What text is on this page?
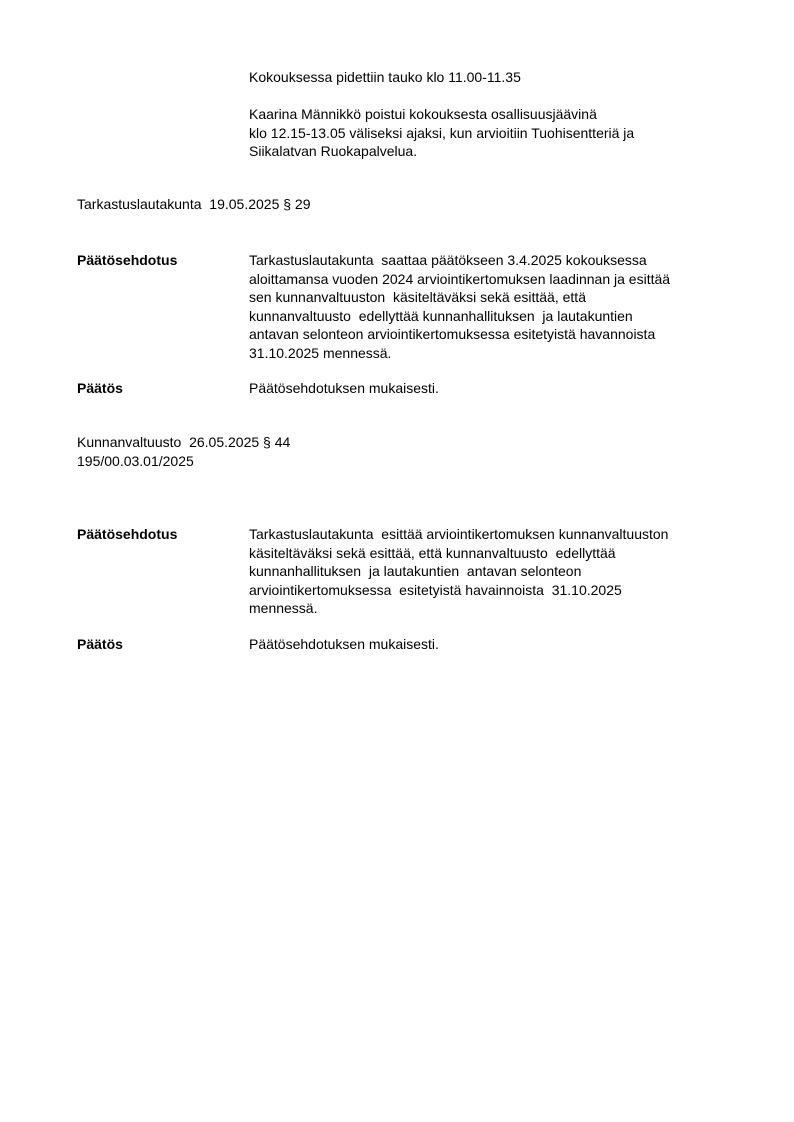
Kokouksessa pidettiin tauko klo 11.00-11.35
Kaarina Männikkö poistui kokouksesta osallisuusjäävinä
klo 12.15-13.05 väliseksi ajaksi, kun arvioitiin Tuohisentteriä ja
Siikalatvan Ruokapalvelua.
Tarkastuslautakunta  19.05.2025 § 29
Päätösehdotus	Tarkastuslautakunta  saattaa päätökseen 3.4.2025 kokouksessa
aloittamansa vuoden 2024 arviointikertomuksen laadinnan ja esittää
sen kunnanvaltuuston  käsiteltäväksi sekä esittää, että
kunnanvaltuusto  edellyttää kunnanhallituksen  ja lautakuntien
antavan selonteon arviointikertomuksessa esitetyistä havannoista
31.10.2025 mennessä.
Päätös	Päätösehdotuksen mukaisesti.
Kunnanvaltuusto  26.05.2025 § 44
195/00.03.01/2025
Päätösehdotus	Tarkastuslautakunta  esittää arviointikertomuksen kunnanvaltuuston
käsiteltäväksi sekä esittää, että kunnanvaltuusto  edellyttää
kunnanhallituksen  ja lautakuntien  antavan selonteon
arviointikertomuksessa  esitetyistä havainnoista  31.10.2025
mennessä.
Päätös	Päätösehdotuksen mukaisesti.
